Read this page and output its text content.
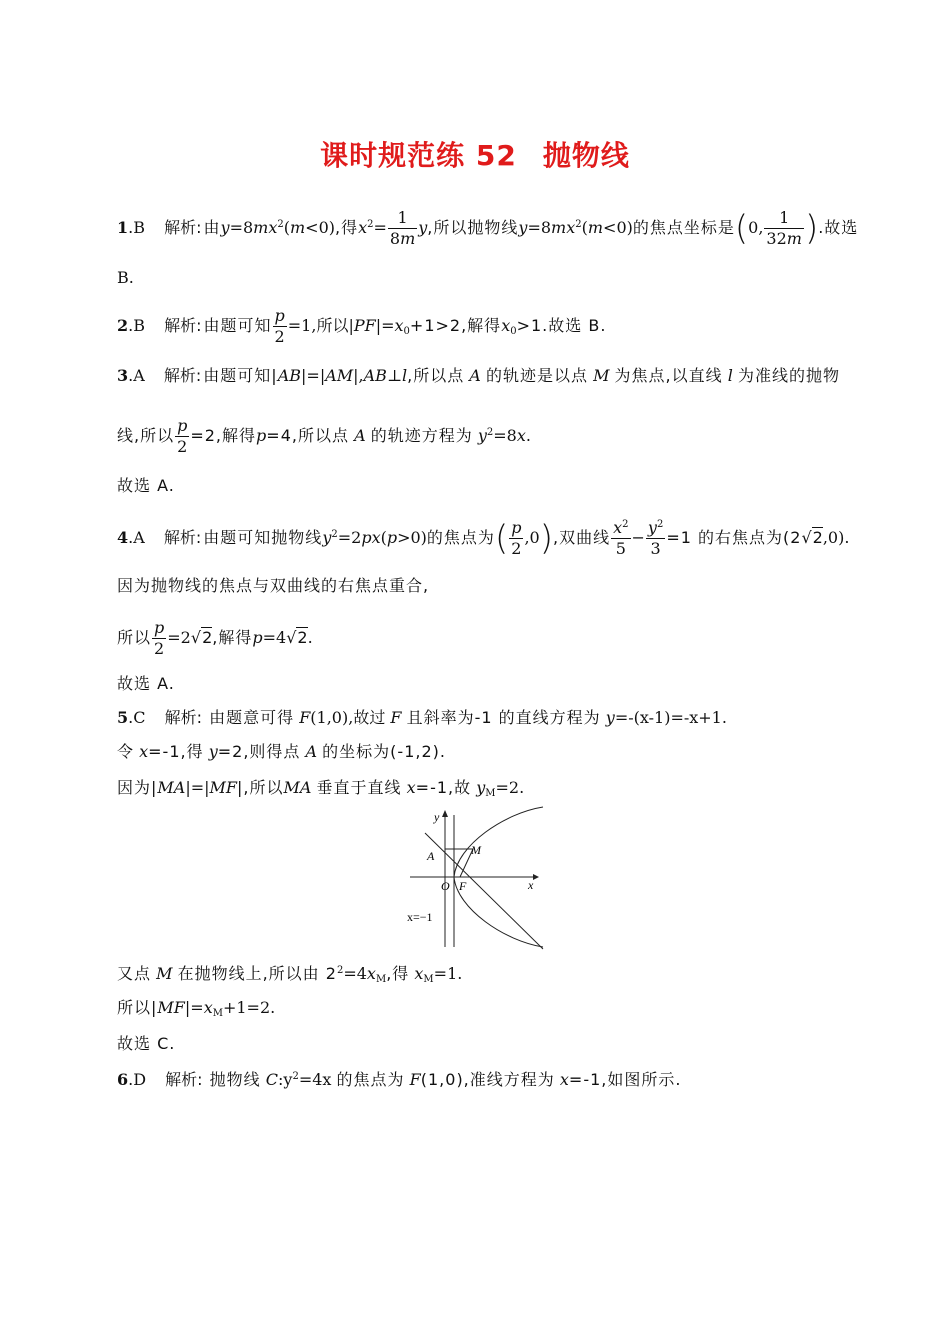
课时规范练 52 抛物线
1.B 解析: 由$y=8mx^2(m<0)$,得$x^2= \frac{1}{8m} y$,所以抛物线$y=8mx^2(m<0)$的焦点坐标是(0, $\frac{1}{32m}$ ).故选
B.
2.B 解析: 由题可知 $\frac{p}{2} =1$,所以$|PF|=x_0+1>2$,解得$x_0>1$.故选 B.
3.A 解析: 由题可知|AB|=|AM|,AB⊥l,所以点 A 的轨迹是以点 M 为焦点,以直线 l 为准线的抛物
线,所以 $\frac{p}{2} =2$,解得p=4,所以点 A 的轨迹方程为 $y^2=8x$.
故选 A.
4.A 解析: 由题可知抛物线$y^2=2px(p>0)$的焦点为( $\frac{p}{2} ,0$),双曲线 $\frac{x^2}{5} - \frac{y^2}{3} =1$ 的右焦点为(2√2,0).
因为抛物线的焦点与双曲线的右焦点重合,
所以 $\frac{p}{2} =2√2$,解得p=4√2.
故选 A.
5.C 解析: 由题意可得 F(1,0),故过 F 且斜率为-1 的直线方程为 y=-(x-1)=-x+1.
令 x=-1,得 y=2,则得点 A 的坐标为(-1,2).
因为|MA|=|MF|,所以MA 垂直于直线 x=-1,故 $y_M=2$.
y
x
O F
A	M
x=−1
又点 M 在抛物线上,所以由 $2^2=4x_M$,得 $x_M=1$.
所以$|MF|=x_M+1=2$.
故选 C.
6.D 解析: 抛物线 $C:y^2=4x$ 的焦点为 F(1,0),准线方程为 x=-1,如图所示.
